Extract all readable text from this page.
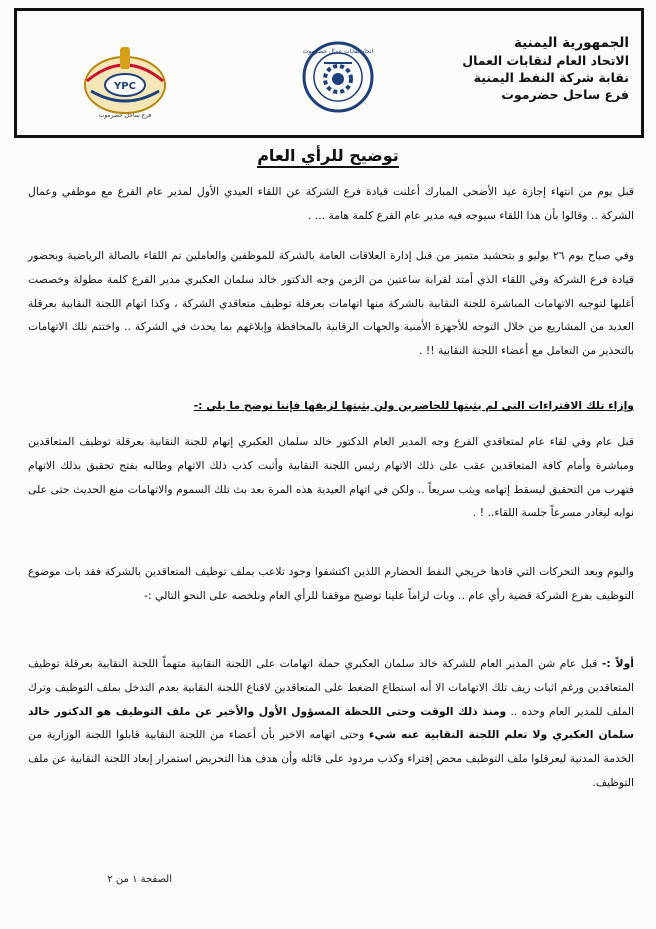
الجمهورية اليمنية
الاتحاد العام لنقابات العمال
نقابة شركة النفط اليمنية
فرع ساحل حضرموت
اتحاد نقابات عمال حضرموت
YPC
فرع ساحل حضرموت
توضيح للرأي العام
قبل يوم من انتهاء إجازة عيد الأضحى المبارك أعلنت قيادة فرع الشركة عن اللقاء العيدي الأول لمدير عام الفرع مع موظفي وعمال الشركة .. وقالوا بأن هذا اللقاء سيوجه فيه مدير عام الفرع كلمة هامة ... .
وفي صباح يوم ٢٦ يوليو و بتحشيد متميز من قبل إدارة العلاقات العامة بالشركة للموظفين والعاملين تم اللقاء بالصالة الرياضية وبحضور قيادة فرع الشركة وفي اللقاء الذي أمتد لقرابة ساعتين من الزمن وجه الدكتور خالد سلمان العكبري مدير الفرع كلمة مطولة وخصصت أغلبها لتوجيه الاتهامات المباشرة للجنة النقابية بالشركة منها اتهامات بعرقلة توظيف متعاقدي الشركة ، وكذا اتهام اللجنة النقابية بعرقلة العديد من المشاريع من خلال التوجه للأجهزة الأمنية والجهات الرقابية بالمحافظة وإبلاغهم بما يحدث في الشركة .. واختتم تلك الاتهامات بالتحذير من التعامل مع أعضاء اللجنة النقابية !! .
وإزاء تلك الافتراءات التي لم يثبتها للحاضرين ولن يثبتها لزيفها فإننا نوضح ما يلي :-
قبل عام وفي لقاء عام لمتعاقدي الفرع وجه المدير العام الدكتور خالد سلمان العكبري إتهام للجنة النقابية بعرقلة توظيف المتعاقدين ومباشرة وأمام كافة المتعاقدين عقب على ذلك الاتهام رئيس اللجنة النقابية وأثبت كذب ذلك الاتهام وطالبه بفتح تحقيق بذلك الاتهام فتهرب من التحقيق ليسقط إتهامه ويثب سريعاً .. ولكن في اتهام العيدية هذه المرة بعد بث تلك السموم والاتهامات منع الحديث حتى على نوابه ليغادر مسرعاً جلسة اللقاء.. ! .
واليوم وبعد التحركات التي قادها خريجي النفط الحضارم اللذين اكتشفوا وجود تلاعب بملف توظيف المتعاقدين بالشركة فقد بات موضوع التوظيف بفرع الشركة قضية رأي عام .. وبات لزاماً علينا توضيح موقفنا للرأي العام ونلخصه على النحو التالي :-
أولاً :- قبل عام شن المدير العام للشركة خالد سلمان العكبري حملة اتهامات على اللجنة النقابية متهماً اللجنة النقابية بعرقلة توظيف المتعاقدين ورغم اثبات زيف تلك الاتهامات الا أنه استطاع الضغط على المتعاقدين لاقناع اللجنة النقابية بعدم التدخل بملف التوظيف وترك الملف للمدير العام وحده .. ومنذ ذلك الوقت وحتى اللحظة المسؤول الأول والأخير عن ملف التوظيف هو الدكتور خالد سلمان العكبري ولا تعلم اللجنة النقابية عنه شيء وحتى اتهامه الاخير بأن أعضاء من اللجنة النقابية قابلوا اللجنة الوزارية من الخدمة المدنية ليعرقلوا ملف التوظيف محض إفتراء وكذب مردود على قائله وأن هدف هذا التحريض استمرار إبعاد اللجنة النقابية عن ملف التوظيف.
الصفحة ١ من ٢
